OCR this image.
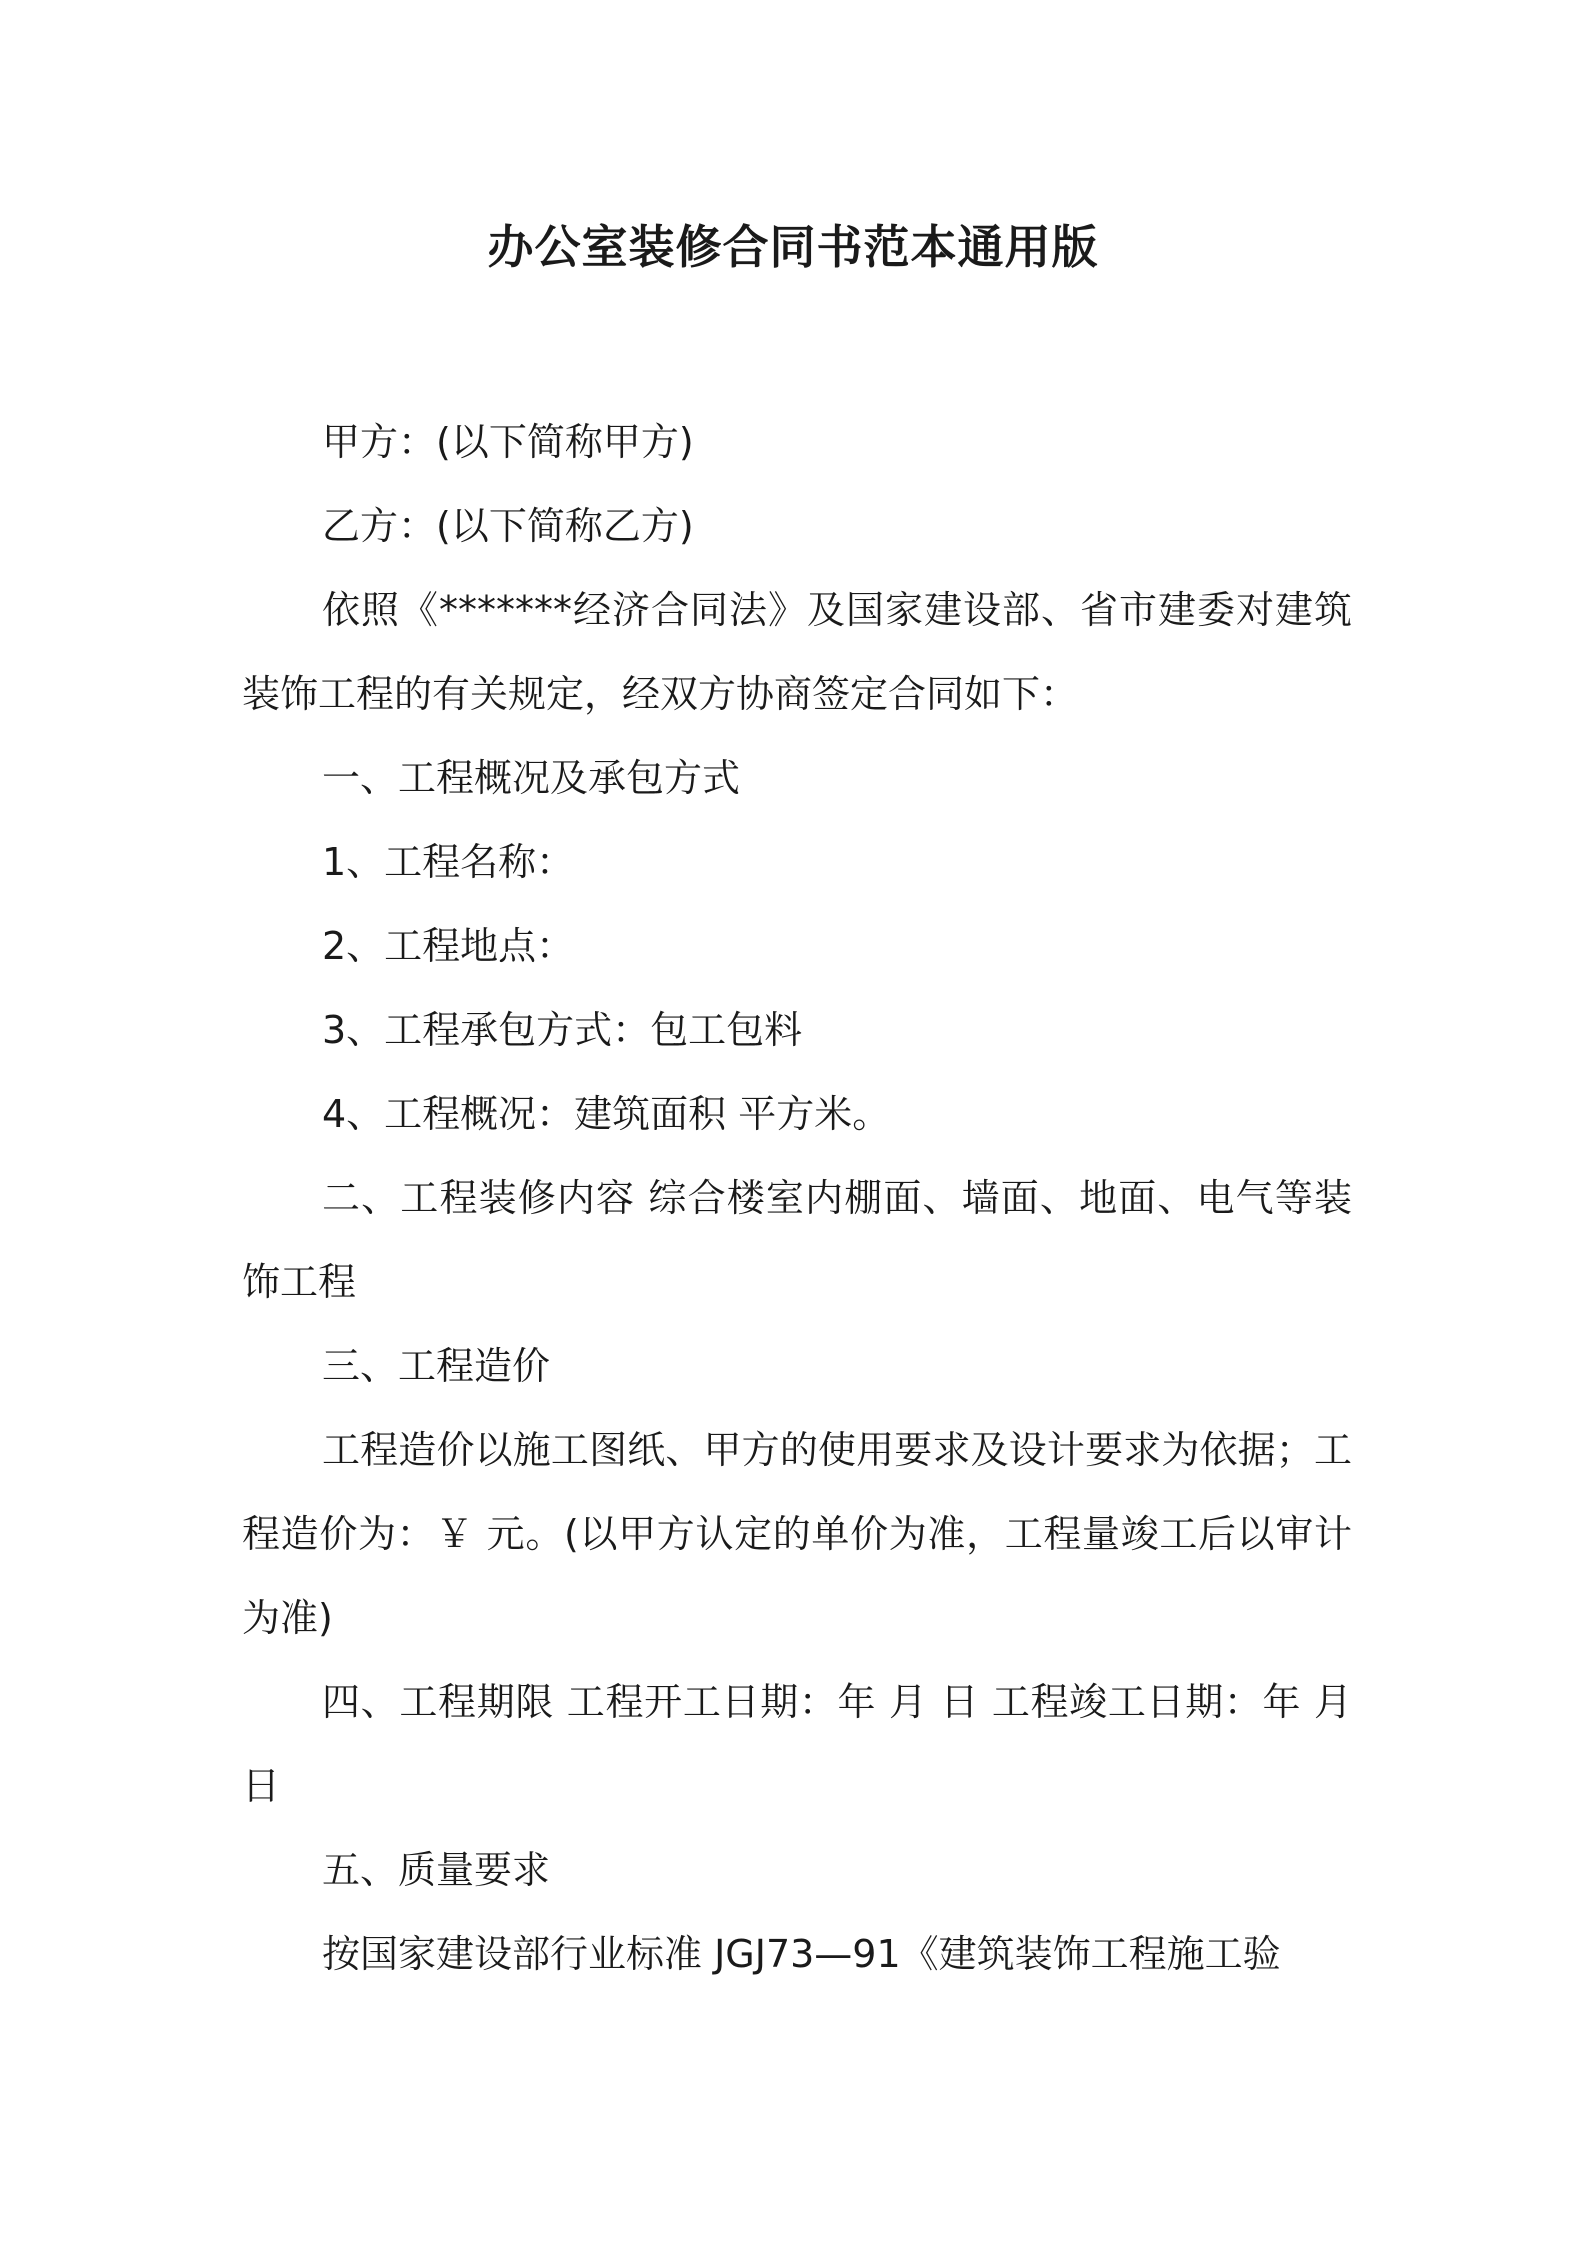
办公室装修合同书范本通用版

甲方：(以下简称甲方)

乙方：(以下简称乙方)

依照《*******经济合同法》及国家建设部、省市建委对建筑装饰工程的有关规定，经双方协商签定合同如下：

一、工程概况及承包方式

1、工程名称：

2、工程地点：

3、工程承包方式：包工包料

4、工程概况：建筑面积 平方米。

二、工程装修内容 综合楼室内棚面、墙面、地面、电气等装饰工程

三、工程造价

工程造价以施工图纸、甲方的使用要求及设计要求为依据；工程造价为：￥ 元。(以甲方认定的单价为准，工程量竣工后以审计为准)

四、工程期限 工程开工日期：年 月 日 工程竣工日期：年 月 日

五、质量要求

按国家建设部行业标准 JGJ73—91《建筑装饰工程施工验
